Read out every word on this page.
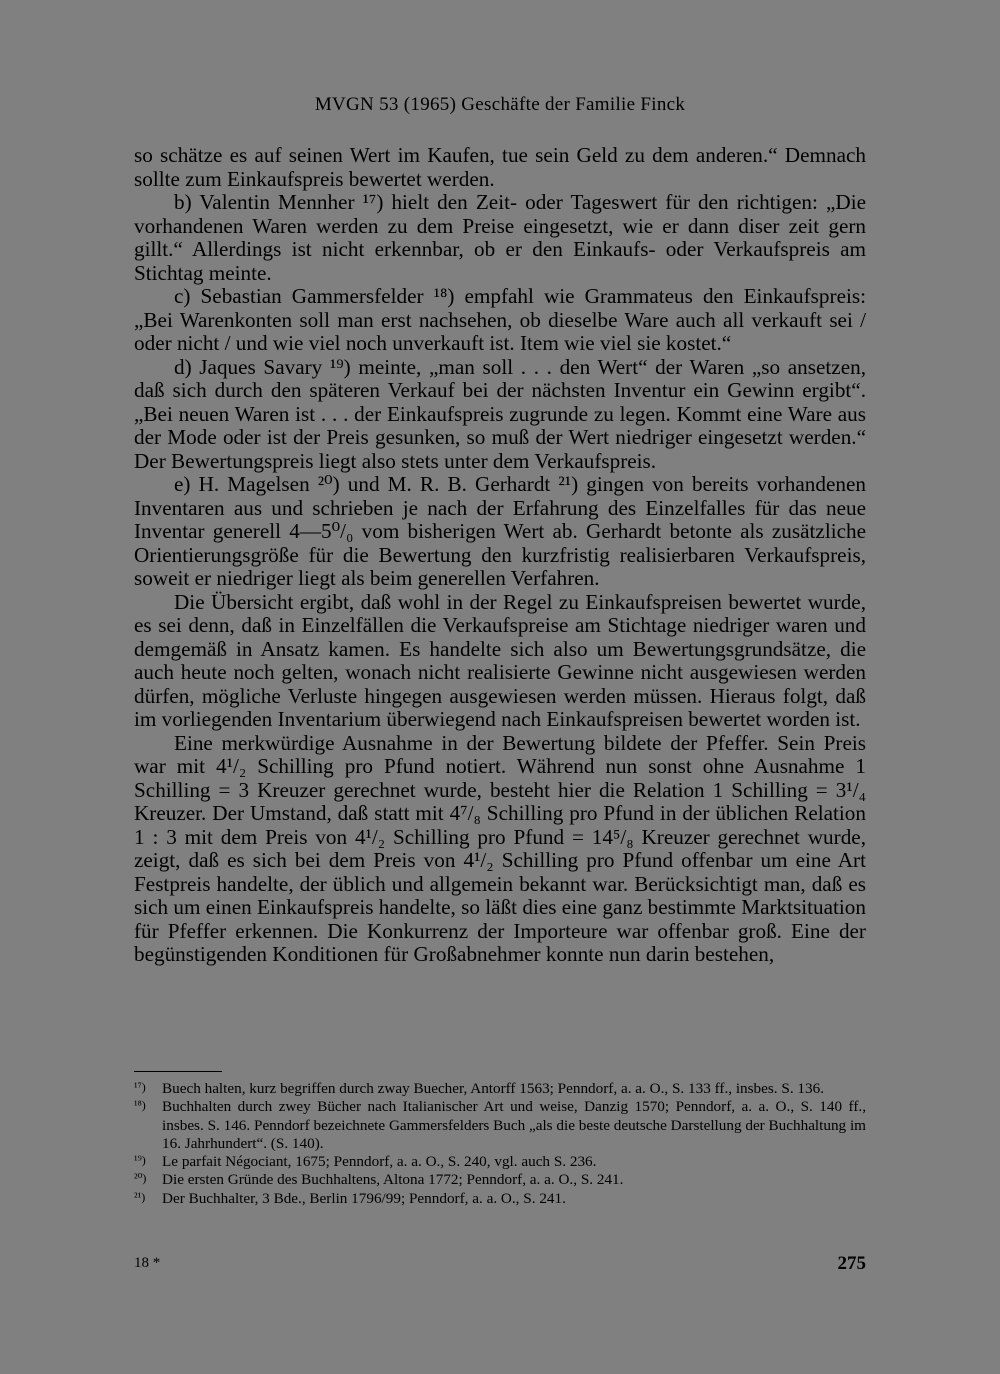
MVGN 53 (1965) Geschäfte der Familie Finck

so schätze es auf seinen Wert im Kaufen, tue sein Geld zu dem anderen.“ Demnach sollte zum Einkaufspreis bewertet werden.

b) Valentin Mennher ¹⁷) hielt den Zeit- oder Tageswert für den richtigen: „Die vorhandenen Waren werden zu dem Preise eingesetzt, wie er dann diser zeit gern gillt.“ Allerdings ist nicht erkennbar, ob er den Einkaufs- oder Verkaufspreis am Stichtag meinte.

c) Sebastian Gammersfelder ¹⁸) empfahl wie Grammateus den Einkaufspreis: „Bei Warenkonten soll man erst nachsehen, ob dieselbe Ware auch all verkauft sei / oder nicht / und wie viel noch unverkauft ist. Item wie viel sie kostet.“

d) Jaques Savary ¹⁹) meinte, „man soll . . . den Wert“ der Waren „so ansetzen, daß sich durch den späteren Verkauf bei der nächsten Inventur ein Gewinn ergibt“. „Bei neuen Waren ist . . . der Einkaufspreis zugrunde zu legen. Kommt eine Ware aus der Mode oder ist der Preis gesunken, so muß der Wert niedriger eingesetzt werden.“ Der Bewertungspreis liegt also stets unter dem Verkaufspreis.

e) H. Magelsen ²⁰) und M. R. B. Gerhardt ²¹) gingen von bereits vorhandenen Inventaren aus und schrieben je nach der Erfahrung des Einzelfalles für das neue Inventar generell 4—5⁰/₀ vom bisherigen Wert ab. Gerhardt betonte als zusätzliche Orientierungsgröße für die Bewertung den kurzfristig realisierbaren Verkaufspreis, soweit er niedriger liegt als beim generellen Verfahren.

Die Übersicht ergibt, daß wohl in der Regel zu Einkaufspreisen bewertet wurde, es sei denn, daß in Einzelfällen die Verkaufspreise am Stichtage niedriger waren und demgemäß in Ansatz kamen. Es handelte sich also um Bewertungsgrundsätze, die auch heute noch gelten, wonach nicht realisierte Gewinne nicht ausgewiesen werden dürfen, mögliche Verluste hingegen ausgewiesen werden müssen. Hieraus folgt, daß im vorliegenden Inventarium überwiegend nach Einkaufspreisen bewertet worden ist.

Eine merkwürdige Ausnahme in der Bewertung bildete der Pfeffer. Sein Preis war mit 4¹/₂ Schilling pro Pfund notiert. Während nun sonst ohne Ausnahme 1 Schilling = 3 Kreuzer gerechnet wurde, besteht hier die Relation 1 Schilling = 3¹/₄ Kreuzer. Der Umstand, daß statt mit 4⁷/₈ Schilling pro Pfund in der üblichen Relation 1 : 3 mit dem Preis von 4¹/₂ Schilling pro Pfund = 14⁵/₈ Kreuzer gerechnet wurde, zeigt, daß es sich bei dem Preis von 4¹/₂ Schilling pro Pfund offenbar um eine Art Festpreis handelte, der üblich und allgemein bekannt war. Berücksichtigt man, daß es sich um einen Einkaufspreis handelte, so läßt dies eine ganz bestimmte Marktsituation für Pfeffer erkennen. Die Konkurrenz der Importeure war offenbar groß. Eine der begünstigenden Konditionen für Großabnehmer konnte nun darin bestehen,

¹⁷) Buech halten, kurz begriffen durch zway Buecher, Antorff 1563; Penndorf, a. a. O., S. 133 ff., insbes. S. 136.
¹⁸) Buchhalten durch zwey Bücher nach Italianischer Art und weise, Danzig 1570; Penndorf, a. a. O., S. 140 ff., insbes. S. 146. Penndorf bezeichnete Gammersfelders Buch „als die beste deutsche Darstellung der Buchhaltung im 16. Jahrhundert“. (S. 140).
¹⁹) Le parfait Négociant, 1675; Penndorf, a. a. O., S. 240, vgl. auch S. 236.
²⁰) Die ersten Gründe des Buchhaltens, Altona 1772; Penndorf, a. a. O., S. 241.
²¹) Der Buchhalter, 3 Bde., Berlin 1796/99; Penndorf, a. a. O., S. 241.
18 *	275
